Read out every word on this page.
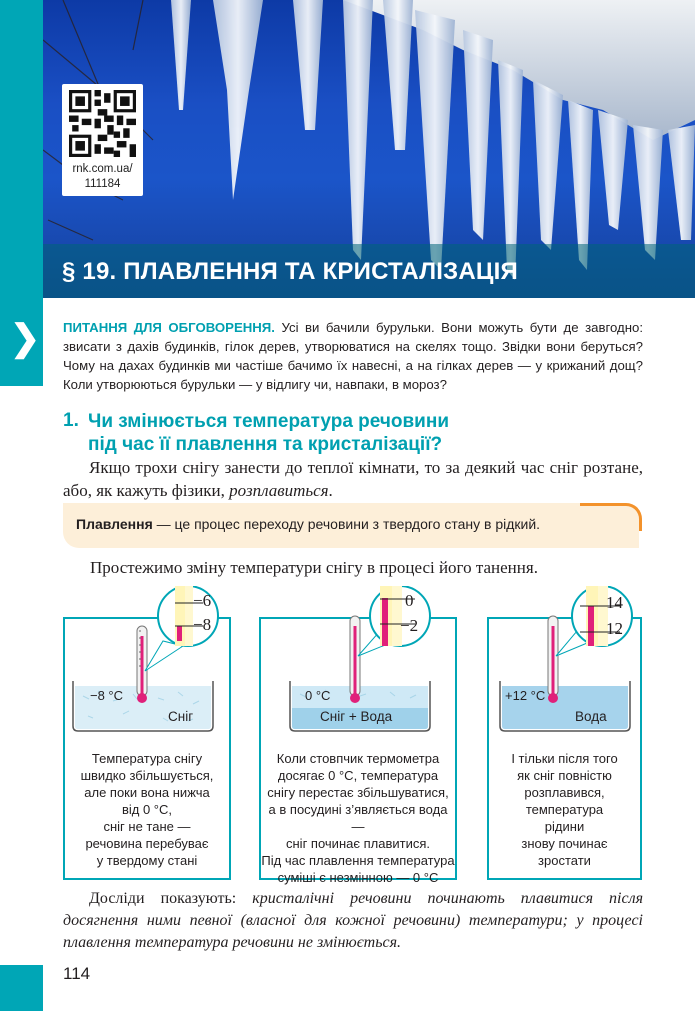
rnk.com.ua/
111184
§ 19. ПЛАВЛЕННЯ ТА КРИСТАЛІЗАЦІЯ
❯ ПИТАННЯ ДЛЯ ОБГОВОРЕННЯ. Усі ви бачили бурульки. Вони можуть бути де завгодно: звисати з дахів будинків, гілок дерев, утворюватися на скелях тощо. Звідки вони беруться? Чому на дахах будинків ми частіше бачимо їх навесні, а на гілках дерев — у крижаний дощ? Коли утворюються бурульки — у відлигу чи, навпаки, в мороз?
1. Чи змінюється температура речовини
під час її плавлення та кристалізації?
Якщо трохи снігу занести до теплої кімнати, то за деякий час сніг розтане, або, як кажуть фізики, розплавиться.
Плавлення — це процес переходу речовини з твердого стану в рідкий.
Простежимо зміну температури снігу в процесі його танення.
−6
−8
−8 °C
Сніг
0
−2
0 °C
Сніг + Вода
14
12
+12 °C
Вода
Температура снігу
швидко збільшується,
але поки вона нижча
від 0 °С,
сніг не тане —
речовина перебуває
у твердому стані
Коли стовпчик термометра
досягає 0 °С, температура
снігу перестає збільшуватися,
а в посудині з’являється вода —
сніг починає плавитися.
Під час плавлення температура
суміші є незмінною — 0 °С
І тільки після того
як сніг повністю
розплавився,
температура
рідини
знову починає
зростати
Досліди показують: кристалічні речовини починають плавитися після досягнення ними певної (власної для кожної речовини) температури; у процесі плавлення температура речовини не змінюється.
114
